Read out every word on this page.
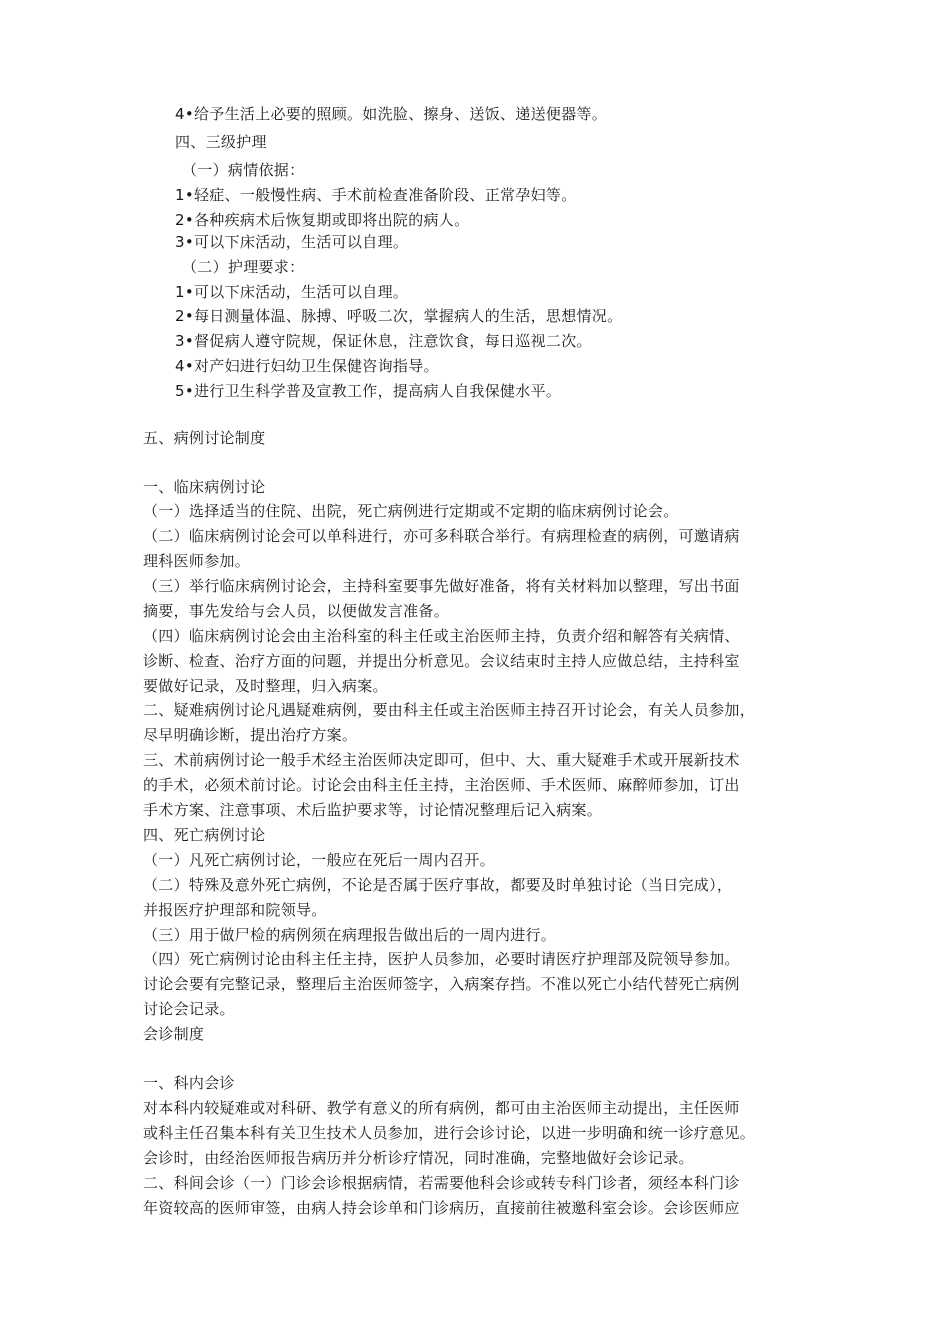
4•给予生活上必要的照顾。如洗脸、擦身、送饭、递送便器等。
四、三级护理
（一）病情依据：
1•轻症、一般慢性病、手术前检查准备阶段、正常孕妇等。
2•各种疾病术后恢复期或即将出院的病人。
3•可以下床活动，生活可以自理。
（二）护理要求：
1•可以下床活动，生活可以自理。
2•每日测量体温、脉搏、呼吸二次，掌握病人的生活，思想情况。
3•督促病人遵守院规，保证休息，注意饮食，每日巡视二次。
4•对产妇进行妇幼卫生保健咨询指导。
5•进行卫生科学普及宣教工作，提高病人自我保健水平。
五、病例讨论制度
一、临床病例讨论
（一）选择适当的住院、出院，死亡病例进行定期或不定期的临床病例讨论会。
（二）临床病例讨论会可以单科进行，亦可多科联合举行。有病理检查的病例，可邀请病
理科医师参加。
（三）举行临床病例讨论会，主持科室要事先做好准备，将有关材料加以整理，写出书面
摘要，事先发给与会人员，以便做发言准备。
（四）临床病例讨论会由主治科室的科主任或主治医师主持，负责介绍和解答有关病情、
诊断、检查、治疗方面的问题，并提出分析意见。会议结束时主持人应做总结，主持科室
要做好记录，及时整理，归入病案。
二、疑难病例讨论凡遇疑难病例，要由科主任或主治医师主持召开讨论会，有关人员参加，
尽早明确诊断，提出治疗方案。
三、术前病例讨论一般手术经主治医师决定即可，但中、大、重大疑难手术或开展新技术
的手术，必须术前讨论。讨论会由科主任主持，主治医师、手术医师、麻醉师参加，订出
手术方案、注意事项、术后监护要求等，讨论情况整理后记入病案。
四、死亡病例讨论
（一）凡死亡病例讨论，一般应在死后一周内召开。
（二）特殊及意外死亡病例，不论是否属于医疗事故，都要及时单独讨论（当日完成），
并报医疗护理部和院领导。
（三）用于做尸检的病例须在病理报告做出后的一周内进行。
（四）死亡病例讨论由科主任主持，医护人员参加，必要时请医疗护理部及院领导参加。
讨论会要有完整记录，整理后主治医师签字，入病案存挡。不准以死亡小结代替死亡病例
讨论会记录。
会诊制度
一、科内会诊
对本科内较疑难或对科研、教学有意义的所有病例，都可由主治医师主动提出，主任医师
或科主任召集本科有关卫生技术人员参加，进行会诊讨论，以进一步明确和统一诊疗意见。
会诊时，由经治医师报告病历并分析诊疗情况，同时准确，完整地做好会诊记录。
二、科间会诊（一）门诊会诊根据病情，若需要他科会诊或转专科门诊者，须经本科门诊
年资较高的医师审签，由病人持会诊单和门诊病历，直接前往被邀科室会诊。会诊医师应
